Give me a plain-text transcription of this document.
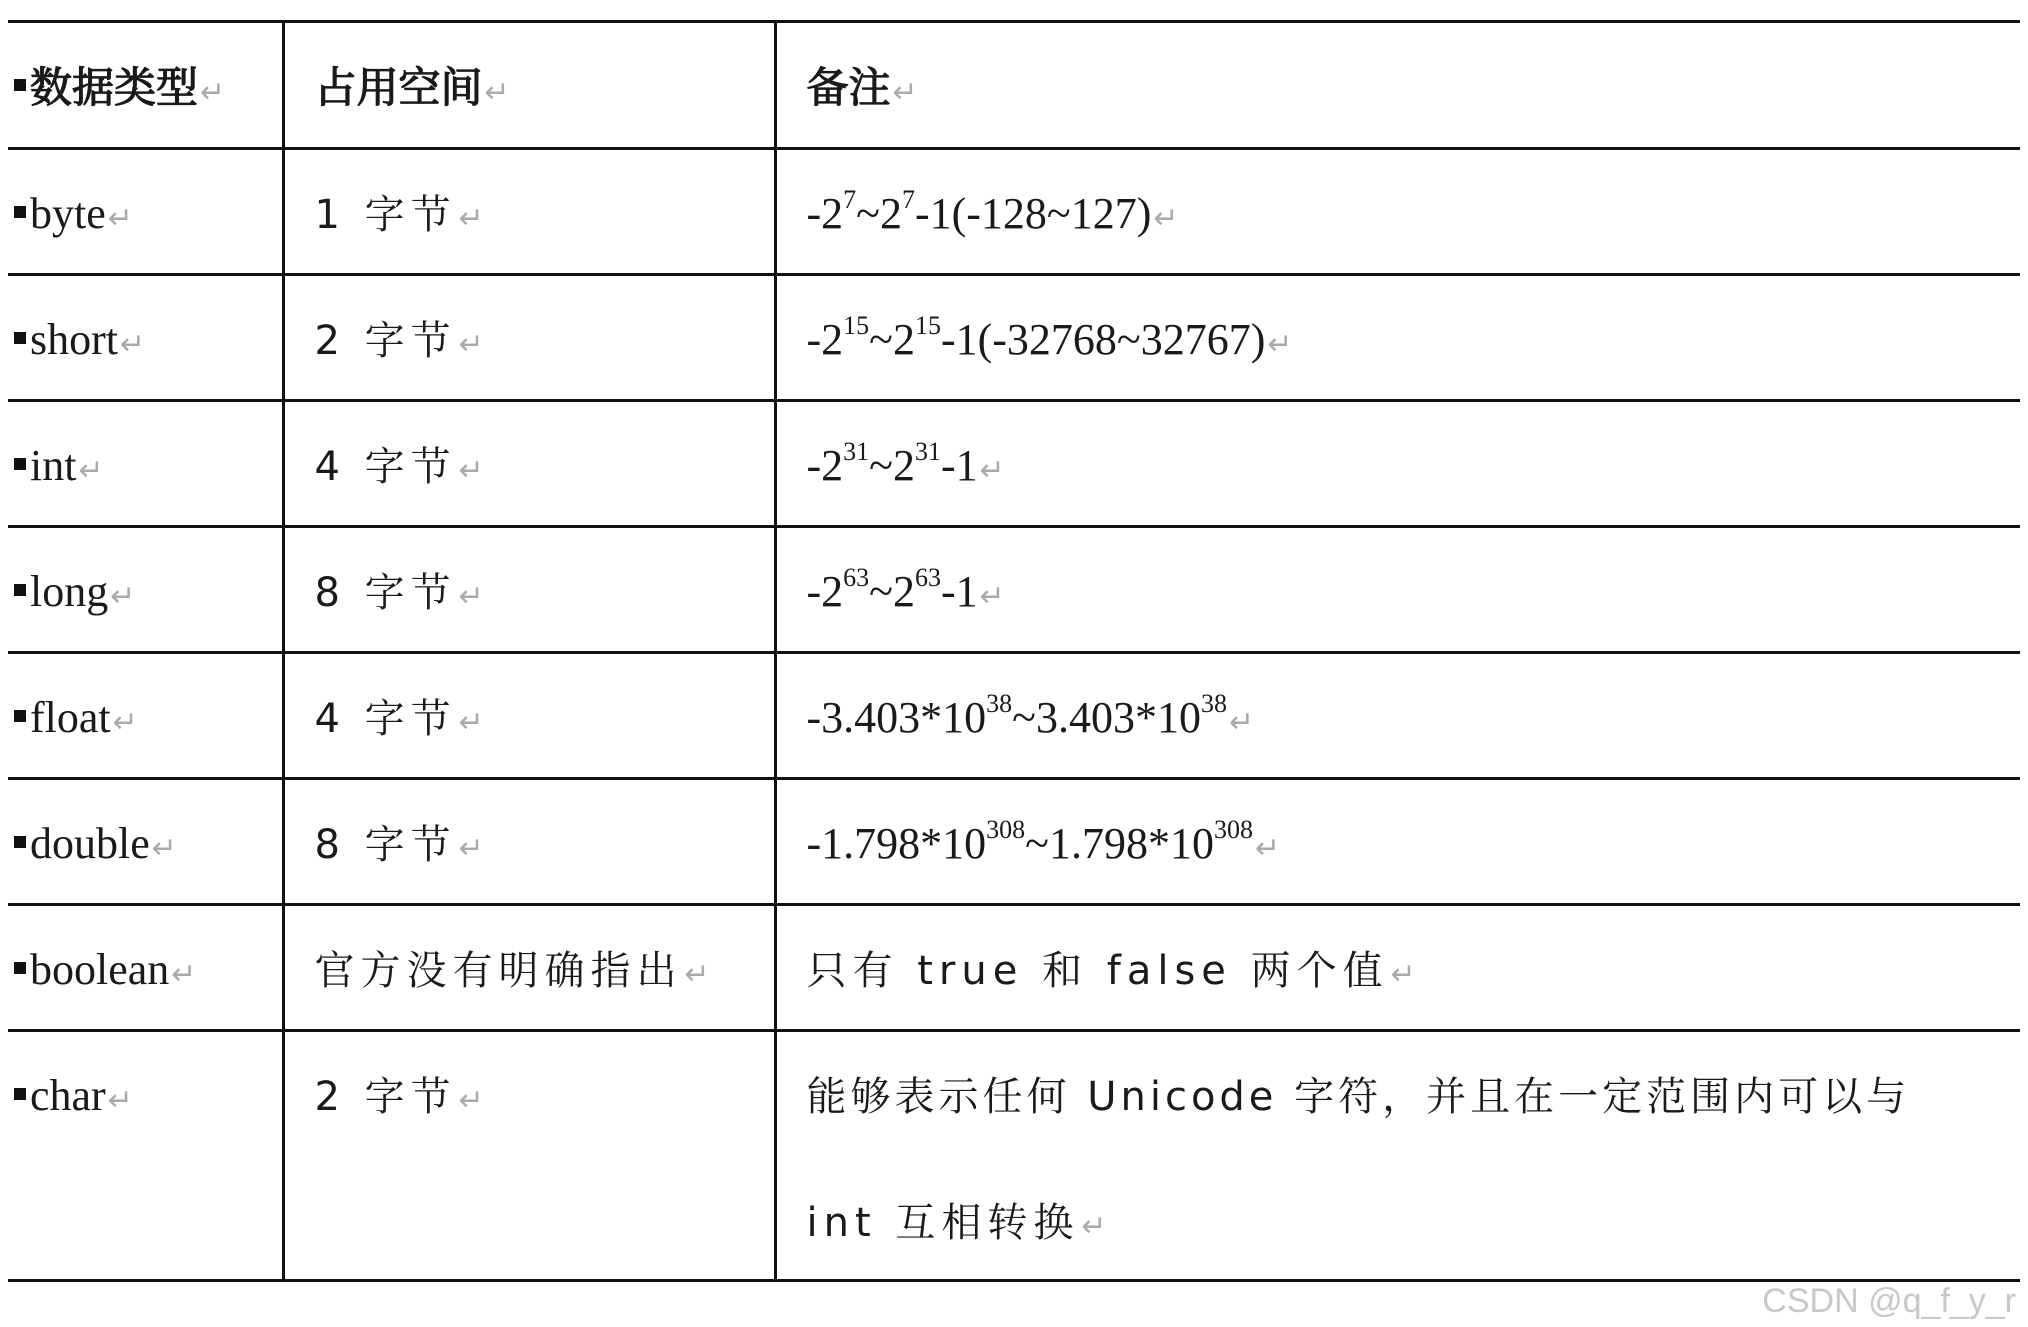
数据类型↵	占用空间↵	备注↵

byte↵	1 字节↵	$-2^7\sim 2^7-1(-128\sim 127)↵$

short↵	2 字节↵	$-2^{15}\sim 2^{15}-1(-32768\sim 32767)↵$

int↵	4 字节↵	$-2^{31}\sim 2^{31}-1↵$

long↵	8 字节↵	$-2^{63}\sim 2^{63}-1↵$

float↵	4 字节↵	$-3.403*10^{38}\sim 3.403*10^{38}↵$

double↵	8 字节↵	$-1.798*10^{308}\sim 1.798*10^{308}↵$

boolean↵	官方没有明确指出↵	只有 true 和 false 两个值↵

char↵	2 字节↵	能够表示任何 Unicode 字符，并且在一定范围内可以与
int 互相转换↵
CSDN @q_f_y_r
